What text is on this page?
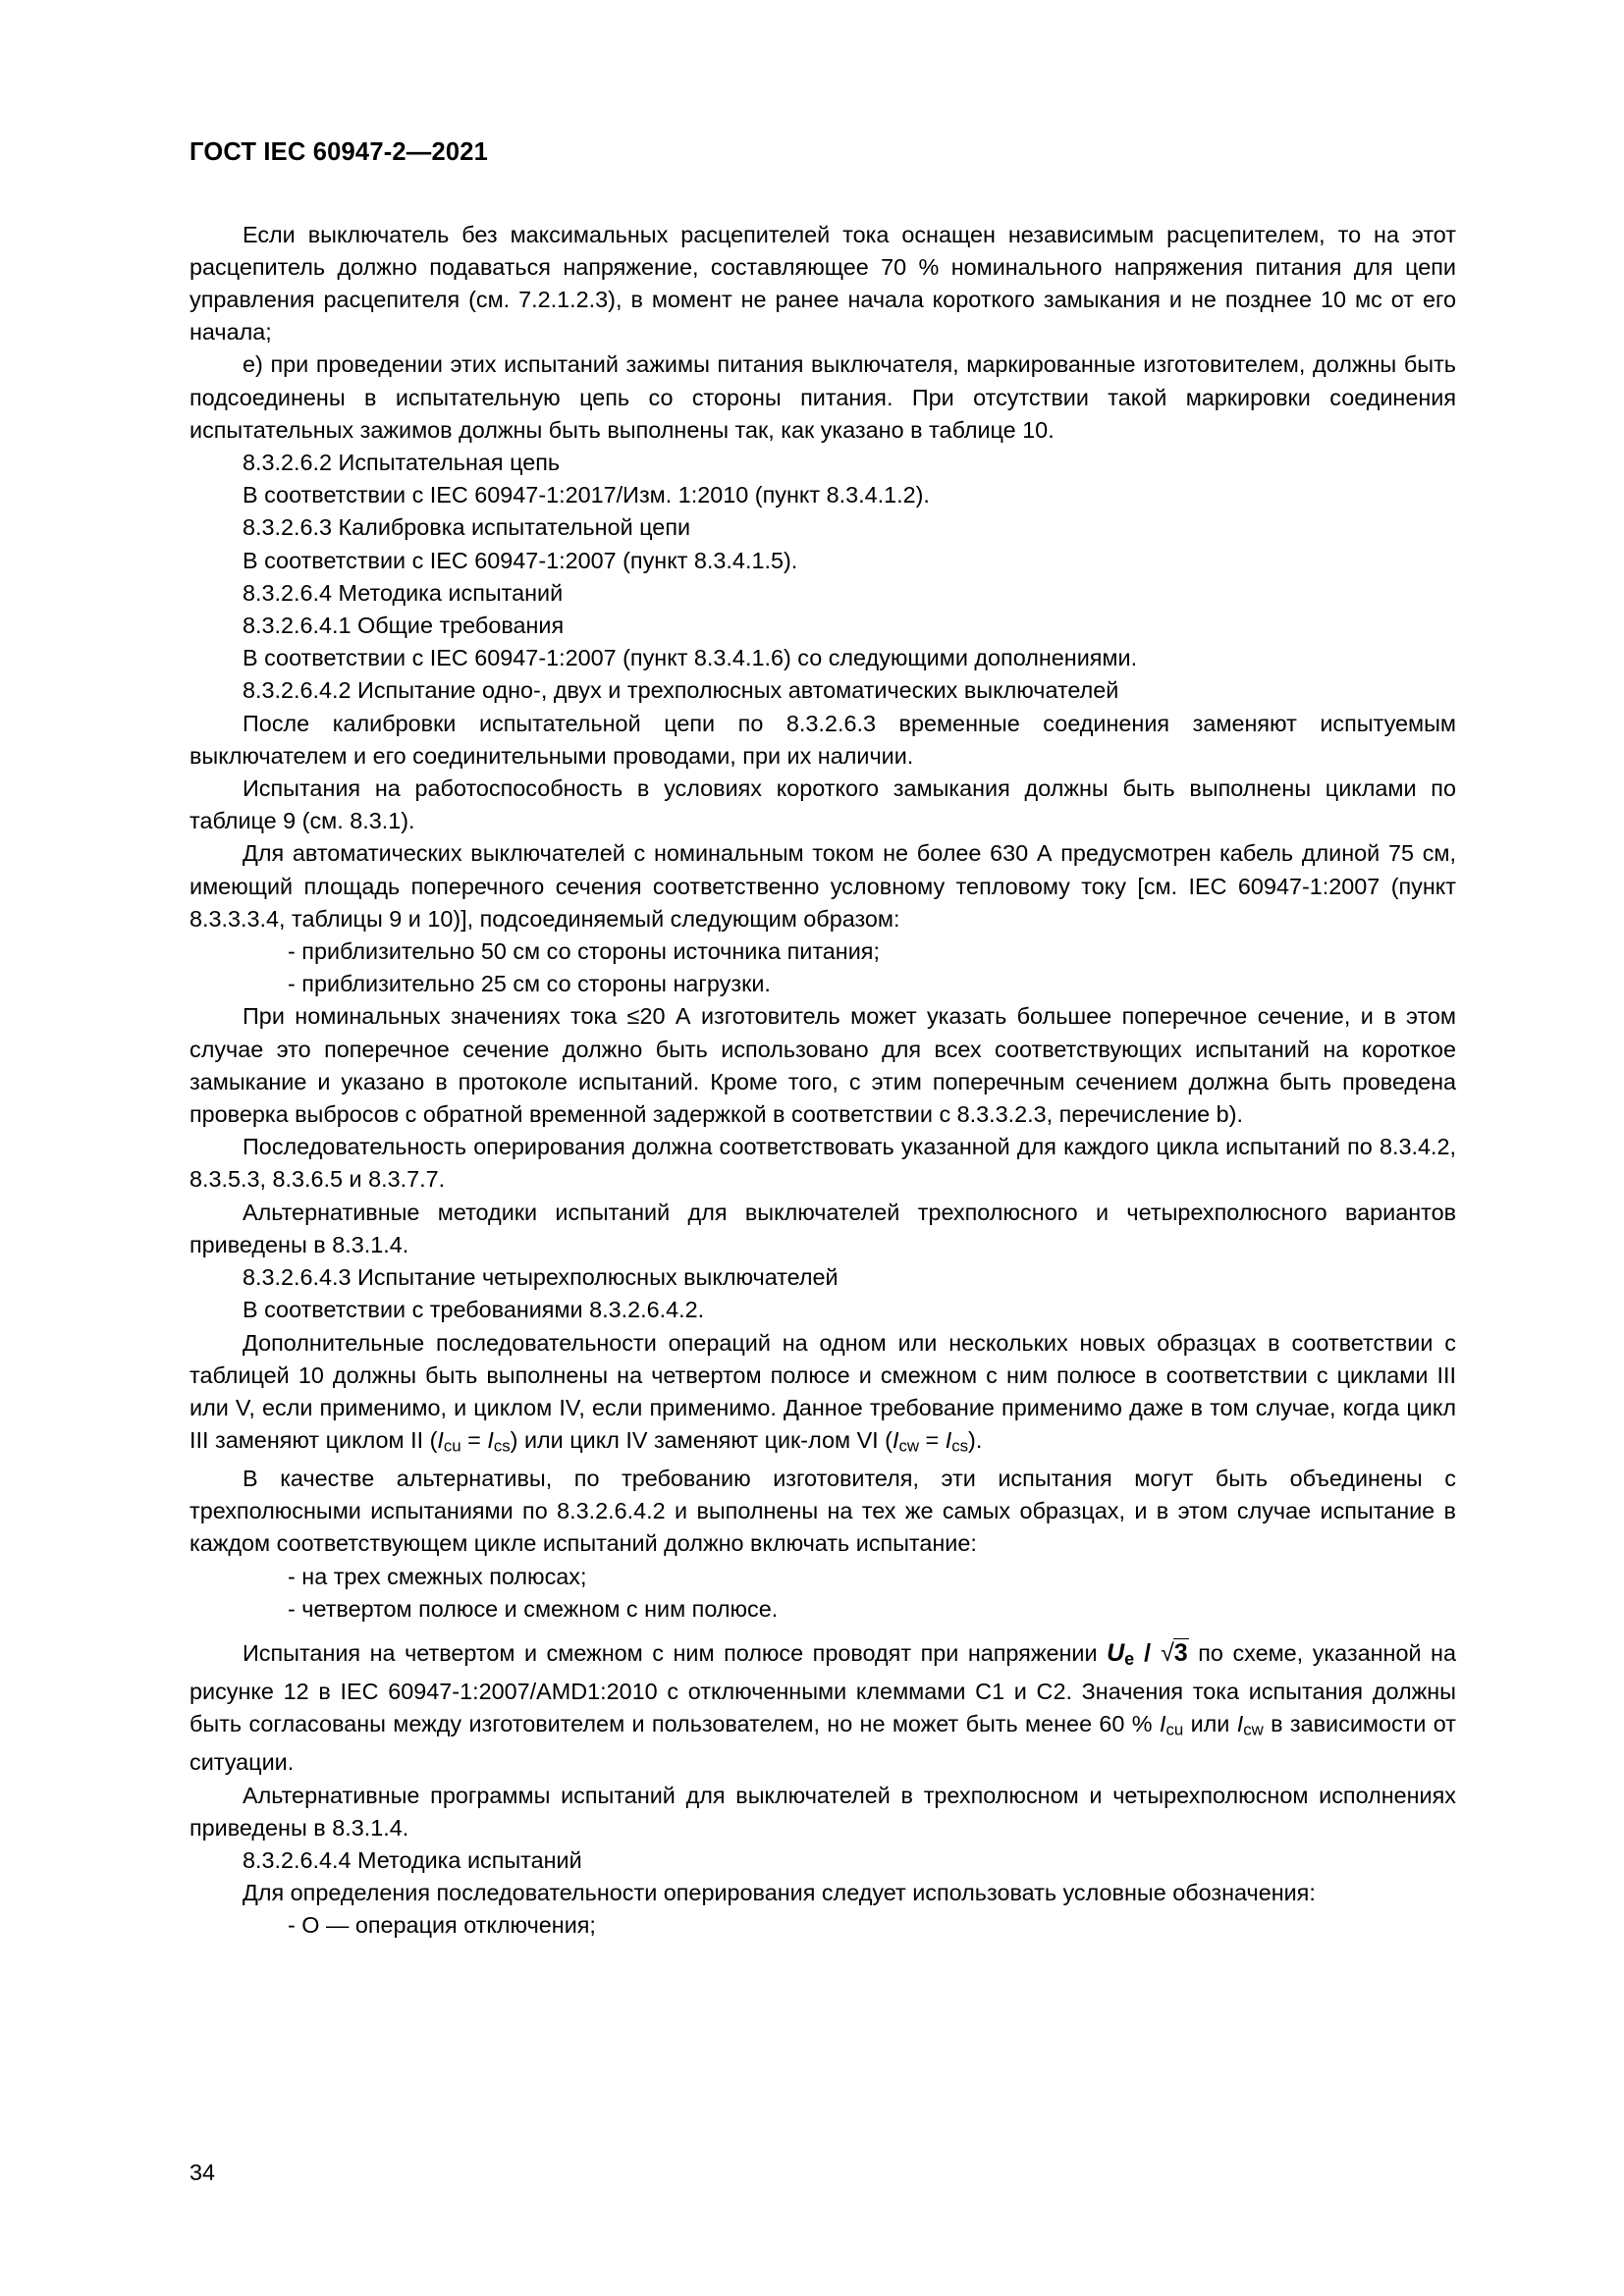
ГОСТ IEC 60947-2—2021

Если выключатель без максимальных расцепителей тока оснащен независимым расцепителем, то на этот расцепитель должно подаваться напряжение, составляющее 70 % номинального напряжения питания для цепи управления расцепителя (см. 7.2.1.2.3), в момент не ранее начала короткого замыкания и не позднее 10 мс от его начала;

е) при проведении этих испытаний зажимы питания выключателя, маркированные изготовителем, должны быть подсоединены в испытательную цепь со стороны питания. При отсутствии такой маркировки соединения испытательных зажимов должны быть выполнены так, как указано в таблице 10.

8.3.2.6.2 Испытательная цепь

В соответствии с IEC 60947-1:2017/Изм. 1:2010 (пункт 8.3.4.1.2).

8.3.2.6.3 Калибровка испытательной цепи

В соответствии с IEC 60947-1:2007 (пункт 8.3.4.1.5).

8.3.2.6.4 Методика испытаний

8.3.2.6.4.1 Общие требования

В соответствии с IEC 60947-1:2007 (пункт 8.3.4.1.6) со следующими дополнениями.

8.3.2.6.4.2 Испытание одно-, двух и трехполюсных автоматических выключателей

После калибровки испытательной цепи по 8.3.2.6.3 временные соединения заменяют испытуемым выключателем и его соединительными проводами, при их наличии.

Испытания на работоспособность в условиях короткого замыкания должны быть выполнены циклами по таблице 9 (см. 8.3.1).

Для автоматических выключателей с номинальным током не более 630 А предусмотрен кабель длиной 75 см, имеющий площадь поперечного сечения соответственно условному тепловому току [см. IEC 60947-1:2007 (пункт 8.3.3.3.4, таблицы 9 и 10)], подсоединяемый следующим образом:

- приблизительно 50 см со стороны источника питания;

- приблизительно 25 см со стороны нагрузки.

При номинальных значениях тока ≤20 А изготовитель может указать большее поперечное сечение, и в этом случае это поперечное сечение должно быть использовано для всех соответствующих испытаний на короткое замыкание и указано в протоколе испытаний. Кроме того, с этим поперечным сечением должна быть проведена проверка выбросов с обратной временной задержкой в соответствии с 8.3.3.2.3, перечисление b).

Последовательность оперирования должна соответствовать указанной для каждого цикла испытаний по 8.3.4.2, 8.3.5.3, 8.3.6.5 и 8.3.7.7.

Альтернативные методики испытаний для выключателей трехполюсного и четырехполюсного вариантов приведены в 8.3.1.4.

8.3.2.6.4.3 Испытание четырехполюсных выключателей

В соответствии с требованиями 8.3.2.6.4.2.

Дополнительные последовательности операций на одном или нескольких новых образцах в соответствии с таблицей 10 должны быть выполнены на четвертом полюсе и смежном с ним полюсе в соответствии с циклами III или V, если применимо, и циклом IV, если применимо. Данное требование применимо даже в том случае, когда цикл III заменяют циклом II $(I_{cu} = I_{cs})$ или цикл IV заменяют цик-лом VI $(I_{cw} = I_{cs})$.

В качестве альтернативы, по требованию изготовителя, эти испытания могут быть объединены с трехполюсными испытаниями по 8.3.2.6.4.2 и выполнены на тех же самых образцах, и в этом случае испытание в каждом соответствующем цикле испытаний должно включать испытание:

- на трех смежных полюсах;

- четвертом полюсе и смежном с ним полюсе.

Испытания на четвертом и смежном с ним полюсе проводят при напряжении $U_e / √3$ по схеме, указанной на рисунке 12 в IEC 60947-1:2007/AMD1:2010 с отключенными клеммами С1 и С2. Значения тока испытания должны быть согласованы между изготовителем и пользователем, но не может быть менее 60 % $I_{cu}$ или $I_{cw}$ в зависимости от ситуации.

Альтернативные программы испытаний для выключателей в трехполюсном и четырехполюсном исполнениях приведены в 8.3.1.4.

8.3.2.6.4.4 Методика испытаний

Для определения последовательности оперирования следует использовать условные обозначения:

- О — операция отключения;

34
